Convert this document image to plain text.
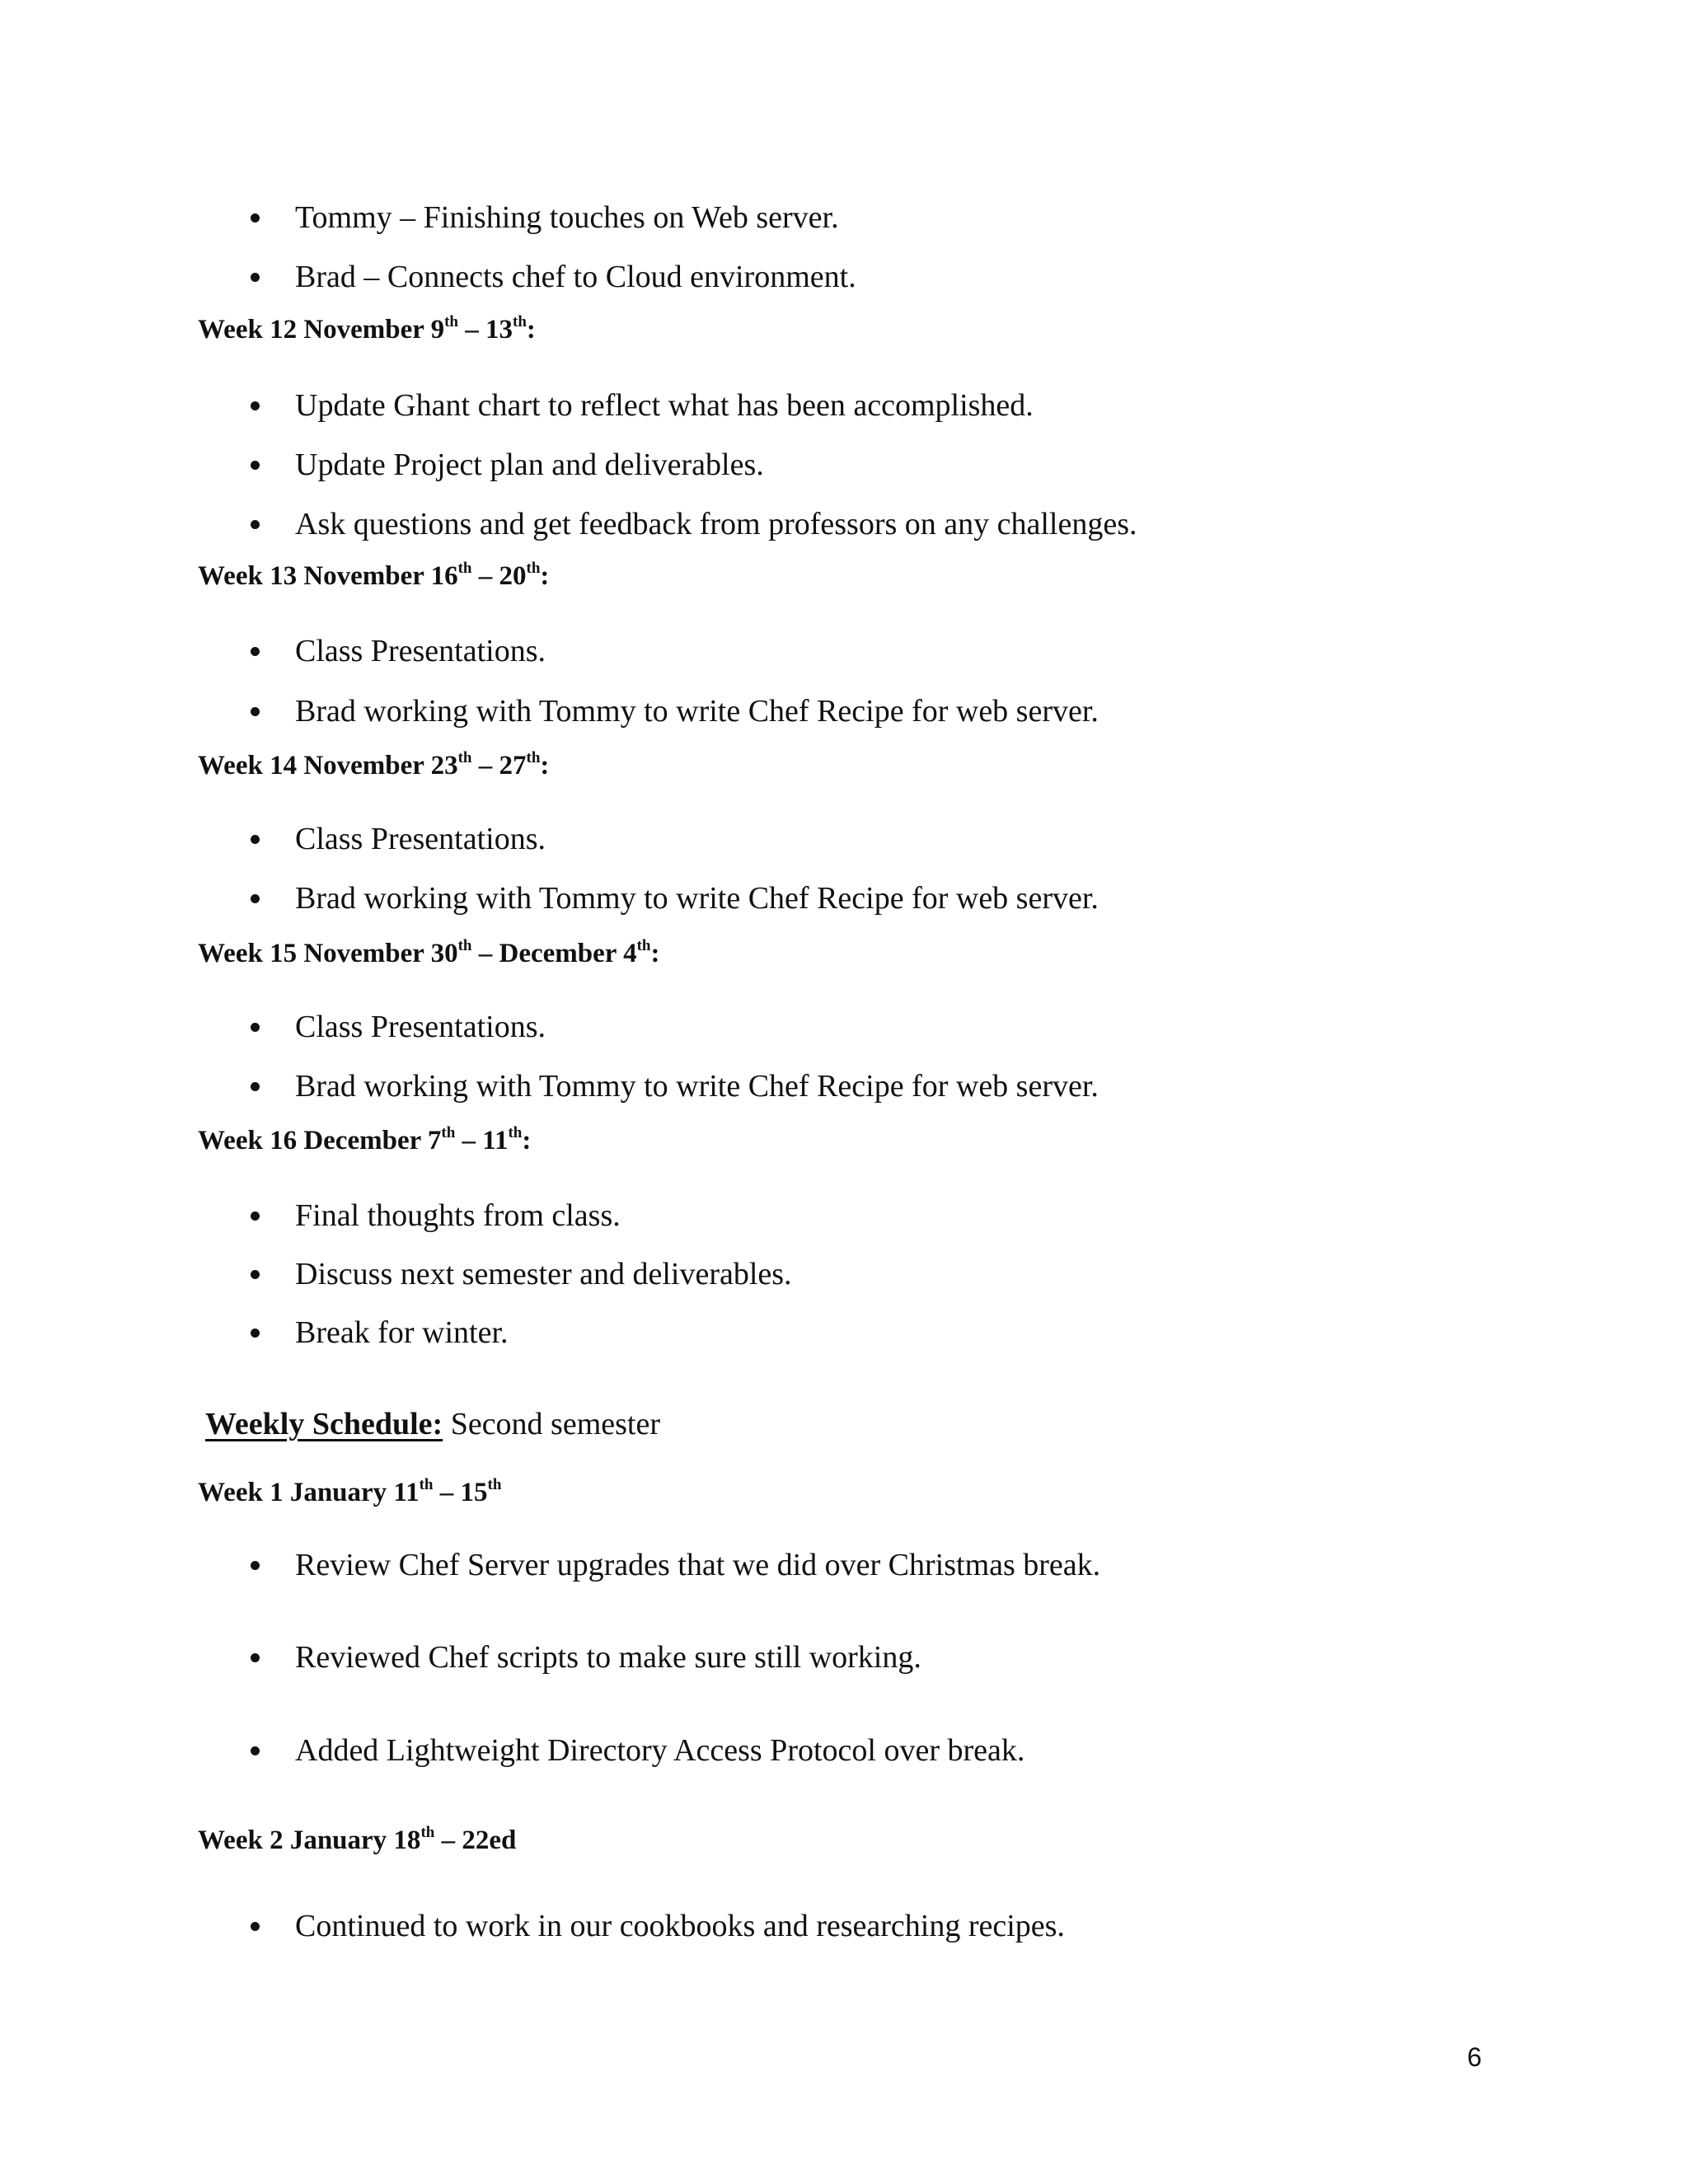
Tommy – Finishing touches on Web server.
Brad – Connects chef to Cloud environment.
Week 12 November 9th – 13th:
Update Ghant chart to reflect what has been accomplished.
Update Project plan and deliverables.
Ask questions and get feedback from professors on any challenges.
Week 13 November 16th – 20th:
Class Presentations.
Brad working with Tommy to write Chef Recipe for web server.
Week 14 November 23th – 27th:
Class Presentations.
Brad working with Tommy to write Chef Recipe for web server.
Week 15 November 30th – December 4th:
Class Presentations.
Brad working with Tommy to write Chef Recipe for web server.
Week 16 December 7th – 11th:
Final thoughts from class.
Discuss next semester and deliverables.
Break for winter.
Weekly Schedule: Second semester
Week 1 January 11th – 15th
Review Chef Server upgrades that we did over Christmas break.
Reviewed Chef scripts to make sure still working.
Added Lightweight Directory Access Protocol over break.
Week 2 January 18th – 22ed
Continued to work in our cookbooks and researching recipes.
6
